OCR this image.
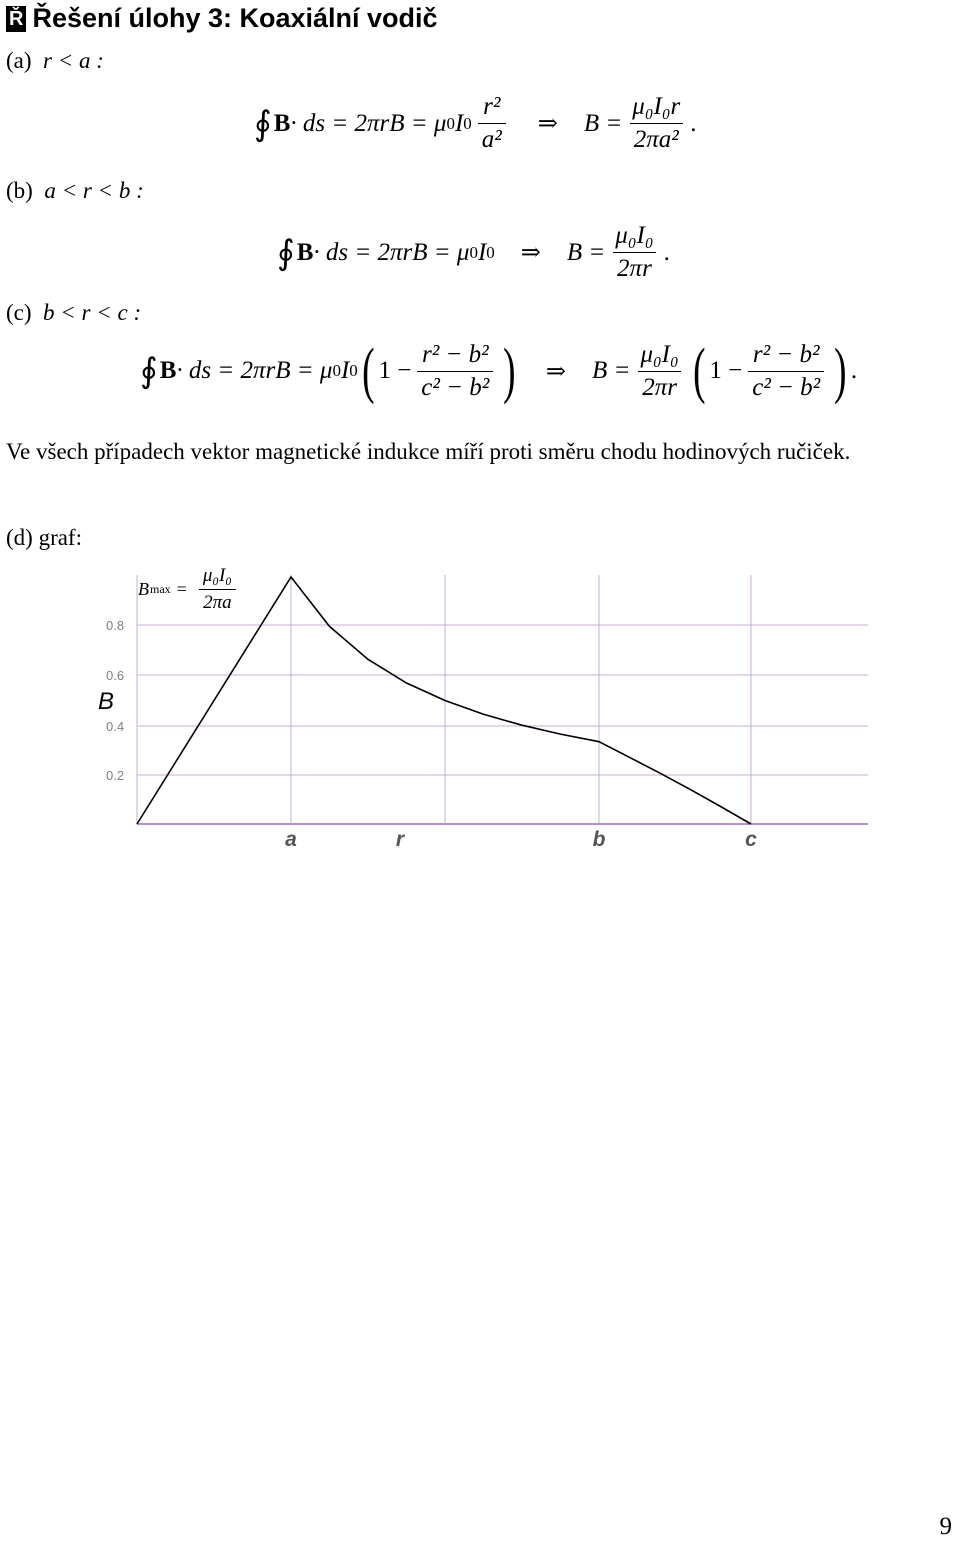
Ř Řešení úlohy 3: Koaxiální vodič
(a) r < a :
(b) a < r < b :
(c) b < r < c :
∮ B · ds = 2πrB = μ 0 I $0 \frac{\text{r²}}{\text{a²}}$ ⇒ $B = \frac{\text{μ₀I₀r}}{\text{2πa²}}$ .
∮ B · ds = 2πrB = μ 0 I 0 ⇒ $B = \frac{\text{μ₀I₀}}{2\pi r}$ .
∮ B · ds = 2πrB = μ 0 I 0 ( $1 - \frac{\text{r² − b²}}{\text{c² − b²}}$ ) ⇒ $B = \frac{\text{μ₀I₀}}{2\pi r}$ ( $1 - \frac{\text{r² − b²}}{\text{c² − b²}}$ ) .
Ve všech případech vektor magnetické indukce míří proti směru chodu hodinových ručiček.
(d) graf:
B $\max = \frac{\text{μ₀I₀}}{2\pi a}$
0.8
0.6
0.4
0.2
a	r	b	c
B
9
